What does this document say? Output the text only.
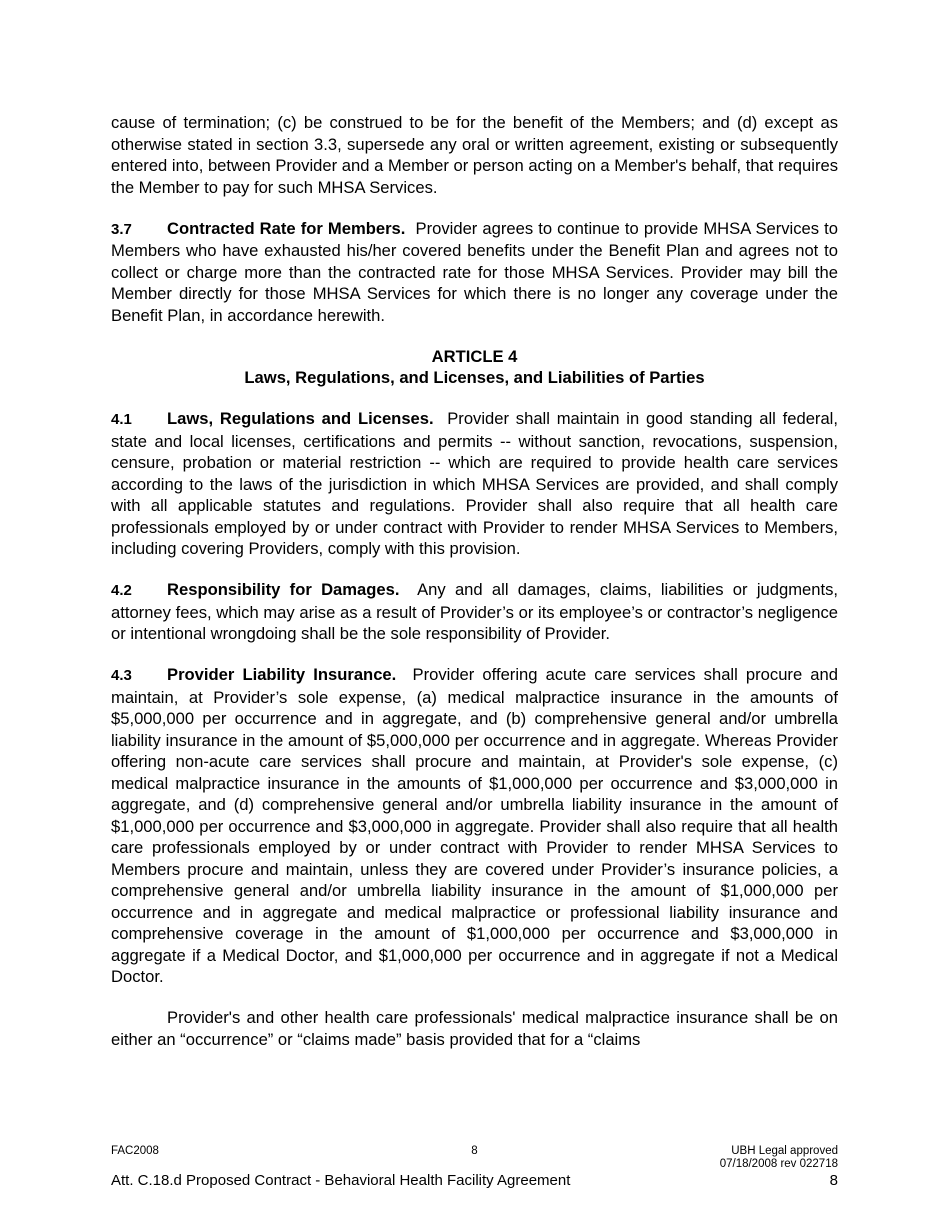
cause of termination; (c) be construed to be for the benefit of the Members; and (d) except as otherwise stated in section 3.3, supersede any oral or written agreement, existing or subsequently entered into, between Provider and a Member or person acting on a Member's behalf, that requires the Member to pay for such MHSA Services.

3.7 Contracted Rate for Members. Provider agrees to continue to provide MHSA Services to Members who have exhausted his/her covered benefits under the Benefit Plan and agrees not to collect or charge more than the contracted rate for those MHSA Services. Provider may bill the Member directly for those MHSA Services for which there is no longer any coverage under the Benefit Plan, in accordance herewith.

ARTICLE 4
Laws, Regulations, and Licenses, and Liabilities of Parties

4.1 Laws, Regulations and Licenses. Provider shall maintain in good standing all federal, state and local licenses, certifications and permits -- without sanction, revocations, suspension, censure, probation or material restriction -- which are required to provide health care services according to the laws of the jurisdiction in which MHSA Services are provided, and shall comply with all applicable statutes and regulations. Provider shall also require that all health care professionals employed by or under contract with Provider to render MHSA Services to Members, including covering Providers, comply with this provision.

4.2 Responsibility for Damages. Any and all damages, claims, liabilities or judgments, attorney fees, which may arise as a result of Provider’s or its employee’s or contractor’s negligence or intentional wrongdoing shall be the sole responsibility of Provider.

4.3 Provider Liability Insurance. Provider offering acute care services shall procure and maintain, at Provider’s sole expense, (a) medical malpractice insurance in the amounts of $5,000,000 per occurrence and in aggregate, and (b) comprehensive general and/or umbrella liability insurance in the amount of $5,000,000 per occurrence and in aggregate. Whereas Provider offering non-acute care services shall procure and maintain, at Provider's sole expense, (c) medical malpractice insurance in the amounts of $1,000,000 per occurrence and $3,000,000 in aggregate, and (d) comprehensive general and/or umbrella liability insurance in the amount of $1,000,000 per occurrence and $3,000,000 in aggregate. Provider shall also require that all health care professionals employed by or under contract with Provider to render MHSA Services to Members procure and maintain, unless they are covered under Provider’s insurance policies, a comprehensive general and/or umbrella liability insurance in the amount of $1,000,000 per occurrence and in aggregate and medical malpractice or professional liability insurance and comprehensive coverage in the amount of $1,000,000 per occurrence and $3,000,000 in aggregate if a Medical Doctor, and $1,000,000 per occurrence and in aggregate if not a Medical Doctor.

Provider's and other health care professionals' medical malpractice insurance shall be on either an “occurrence” or “claims made” basis provided that for a “claims

FAC2008	8	UBH Legal approved
07/18/2008 rev 022718
Att. C.18.d Proposed Contract - Behavioral Health Facility Agreement	8
